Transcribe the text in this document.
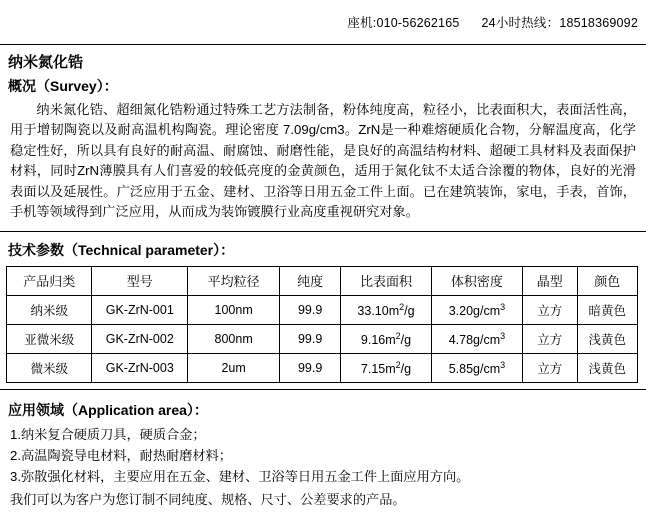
座机:010-56262165 24小时热线：18518369092
纳米氮化锆
概况（Survey）：
纳米氮化锆、超细氮化锆粉通过特殊工艺方法制备，粉体纯度高，粒径小，比表面积大，表面活性高，用于增韧陶瓷以及耐高温机构陶瓷。理论密度 7.09g/cm3。ZrN是一种难熔硬质化合物，分解温度高，化学稳定性好，所以具有良好的耐高温、耐腐蚀、耐磨性能，是良好的高温结构材料、超硬工具材料及表面保护材料，同时ZrN薄膜具有人们喜爱的较低亮度的金黄颜色，适用于氮化钛不太适合涂覆的物体，良好的光滑表面以及延展性。广泛应用于五金、建材、卫浴等日用五金工件上面。已在建筑装饰，家电，手表，首饰，手机等领域得到广泛应用，从而成为装饰镀膜行业高度重视研究对象。
技术参数（Technical parameter）：
产品归类	型号	平均粒径	纯度	比表面积	体积密度	晶型	颜色
纳米级	GK-ZrN-001	100nm	99.9	$33.10m^2/g$	$3.20g/cm^3$	立方	暗黄色
亚微米级	GK-ZrN-002	800nm	99.9	$9.16m^2/g$	$4.78g/cm^3$	立方	浅黄色
微米级	GK-ZrN-003	2um	99.9	$7.15m^2/g$	$5.85g/cm^3$	立方	浅黄色
应用领域（Application area）：
1.纳米复合硬质刀具，硬质合金；
2.高温陶瓷导电材料，耐热耐磨材料；
3.弥散强化材料，主要应用在五金、建材、卫浴等日用五金工件上面应用方向。
我们可以为客户为您订制不同纯度、规格、尺寸、公差要求的产品。
